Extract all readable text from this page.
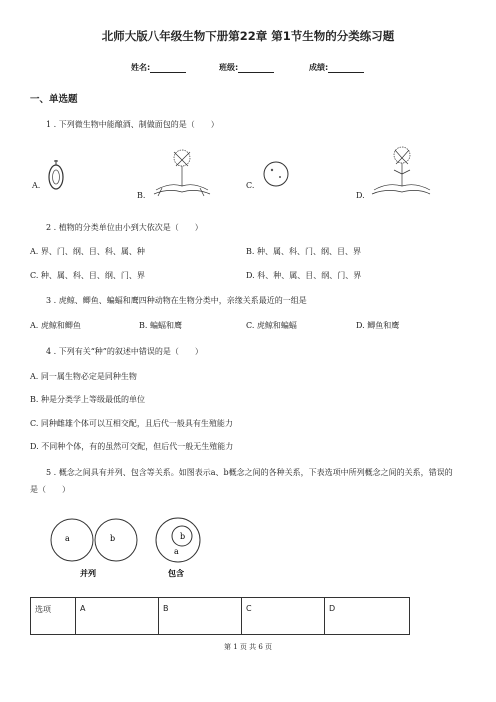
北师大版八年级生物下册第22章 第1节生物的分类练习题
姓名:	班级:	成绩:
一、单选题
1 . 下列微生物中能酿酒、制做面包的是（　　）
A.
B.
C.
D.
2 . 植物的分类单位由小到大依次是（　　）
A. 界、门、纲、目、科、属、种	B. 种、属、科、门、纲、目、界
C. 种、属、科、目、纲、门、界	D. 科、种、属、目、纲、门、界
3 . 虎鲸、鲫鱼、蝙蝠和鹰四种动物在生物分类中，亲缘关系最近的一组是
A. 虎鲸和鲫鱼	B. 蝙蝠和鹰	C. 虎鲸和蝙蝠	D. 鲫鱼和鹰
4 . 下列有关“种”的叙述中错误的是（　　）
A. 同一属生物必定是同种生物
B. 种是分类学上等级最低的单位
C. 同种雌雄个体可以互相交配，且后代一般具有生殖能力
D. 不同种个体，有的虽然可交配，但后代一般无生殖能力
5 . 概念之间具有并列、包含等关系。如图表示a、b概念之间的各种关系，下表选项中所列概念之间的关系，错误的是（　　）
a	b
并列
b
a
包含
选项	A	B	C	D
第 1 页 共 6 页
